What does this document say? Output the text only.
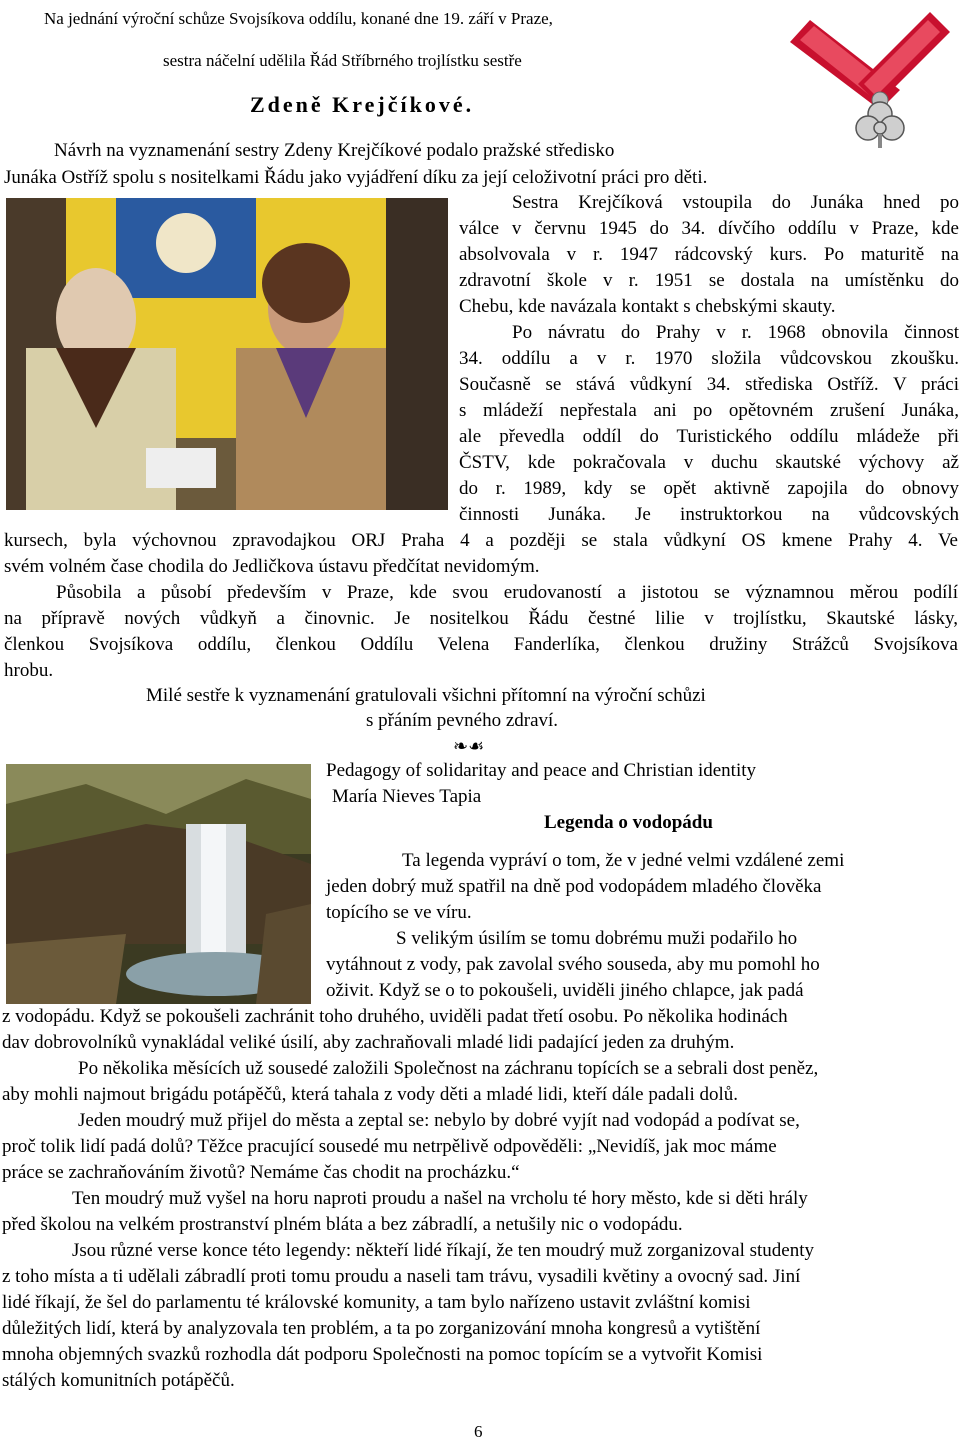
Na jednání výroční schůze Svojsíkova oddílu, konané dne 19. září v Praze,
sestra náčelní udělila Řád Stříbrného trojlístku sestře
Zdeně Krejčíkové.
Návrh na vyznamenání sestry Zdeny Krejčíkové podalo pražské středisko
Junáka Ostříž spolu s nositelkami Řádu jako vyjádření díku za její celoživotní práci pro děti.
Sestra Krejčíková vstoupila do Junáka hned po
válce v červnu 1945 do 34. dívčího oddílu v Praze, kde
absolvovala v r. 1947 rádcovský kurs. Po maturitě na
zdravotní škole v r. 1951 se dostala na umístěnku do
Chebu, kde navázala kontakt s chebskými skauty.
Po návratu do Prahy v r. 1968 obnovila činnost
34. oddílu a v r. 1970 složila vůdcovskou zkoušku.
Současně se stává vůdkyní 34. střediska Ostříž. V práci
s mládeží nepřestala ani po opětovném zrušení Junáka,
ale převedla oddíl do Turistického oddílu mládeže při
ČSTV, kde pokračovala v duchu skautské výchovy až
do r. 1989, kdy se opět aktivně zapojila do obnovy
činnosti Junáka. Je instruktorkou na vůdcovských
kursech, byla výchovnou zpravodajkou ORJ Praha 4 a později se stala vůdkyní OS kmene Prahy 4. Ve
svém volném čase chodila do Jedličkova ústavu předčítat nevidomým.
Působila a působí především v Praze, kde svou erudovaností a jistotou se významnou měrou podílí
na přípravě nových vůdkyň a činovnic. Je nositelkou Řádu čestné lilie v trojlístku, Skautské lásky,
členkou Svojsíkova oddílu, členkou Oddílu Velena Fanderlíka, členkou družiny Strážců Svojsíkova
hrobu.
Milé sestře k vyznamenání gratulovali všichni přítomní na výroční schůzi
s přáním pevného zdraví.
❧☙
Pedagogy of solidaritay and peace and Christian identity
María Nieves Tapia
Legenda o vodopádu
Ta legenda vypráví o tom, že v jedné velmi vzdálené zemi
jeden dobrý muž spatřil na dně pod vodopádem mladého člověka
topícího se ve víru.
S velikým úsilím se tomu dobrému muži podařilo ho
vytáhnout z vody, pak zavolal svého souseda, aby mu pomohl ho
oživit. Když se o to pokoušeli, uviděli jiného chlapce, jak padá
z vodopádu. Když se pokoušeli zachránit toho druhého, uviděli padat třetí osobu. Po několika hodinách
dav dobrovolníků vynakládal veliké úsilí, aby zachraňovali mladé lidi padající jeden za druhým.
Po několika měsících už sousedé založili Společnost na záchranu topících se a sebrali dost peněz,
aby mohli najmout brigádu potápěčů, která tahala z vody děti a mladé lidi, kteří dále padali dolů.
Jeden moudrý muž přijel do města a zeptal se: nebylo by dobré vyjít nad vodopád a podívat se,
proč tolik lidí padá dolů? Těžce pracující sousedé mu netrpělivě odpověděli: „Nevidíš, jak moc máme
práce se zachraňováním životů? Nemáme čas chodit na procházku.“
Ten moudrý muž vyšel na horu naproti proudu a našel na vrcholu té hory město, kde si děti hrály
před školou na velkém prostranství plném bláta a bez zábradlí, a netušily nic o vodopádu.
Jsou různé verse konce této legendy: někteří lidé říkají, že ten moudrý muž zorganizoval studenty
z toho místa a ti udělali zábradlí proti tomu proudu a naseli tam trávu, vysadili květiny a ovocný sad. Jiní
lidé říkají, že šel do parlamentu té královské komunity, a tam bylo nařízeno ustavit zvláštní komisi
důležitých lidí, která by analyzovala ten problém, a ta po zorganizování mnoha kongresů a vytištění
mnoha objemných svazků rozhodla dát podporu Společnosti na pomoc topícím se a vytvořit Komisi
stálých komunitních potápěčů.
6
